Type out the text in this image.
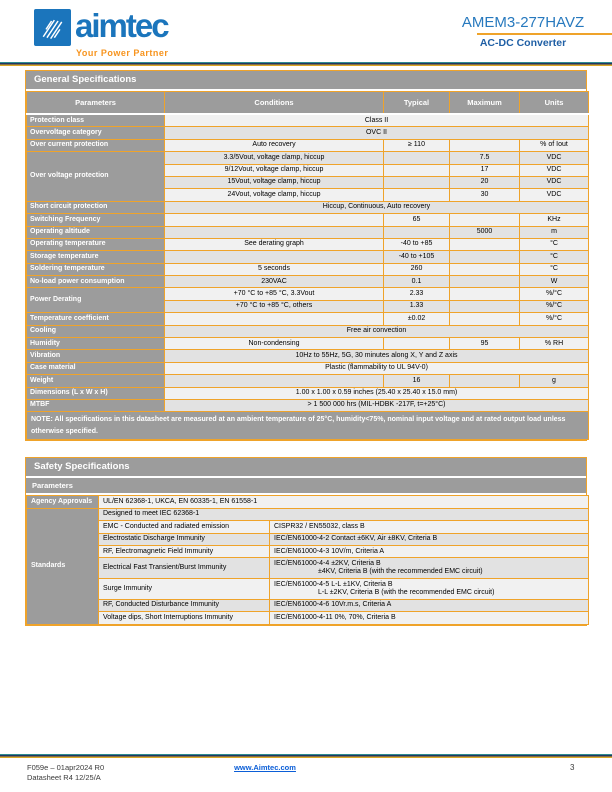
aimtec
Your Power Partner
AMEM3-277HAVZ
AC-DC Converter
General Specifications
Parameters	Conditions	Typical	Maximum	Units
Protection class	Class II			
Overvoltage category	OVC II			
Over current protection	Auto recovery	≥ 110		% of Iout
Over voltage protection	3.3/5Vout, voltage clamp, hiccup		7.5	VDC
	9/12Vout, voltage clamp, hiccup		17	VDC
	15Vout, voltage clamp, hiccup		20	VDC
	24Vout, voltage clamp, hiccup		30	VDC
Short circuit protection	Hiccup, Continuous, Auto recovery			
Switching Frequency		65		KHz
Operating altitude			5000	m
Operating temperature	See derating graph	-40 to +85		°C
Storage temperature		-40 to +105		°C
Soldering temperature	5 seconds	260		°C
No-load power consumption	230VAC	0.1		W
Power Derating	+70 °C to +85 °C, 3.3Vout	2.33		%/°C
	+70 °C to +85 °C, others	1.33		%/°C
Temperature coefficient		±0.02		%/°C
Cooling	Free air convection			
Humidity	Non-condensing		95	% RH
Vibration	10Hz to 55Hz, 5G, 30 minutes along X, Y and Z axis			
Case material	Plastic (flammability to UL 94V-0)			
Weight		16		g
Dimensions (L x W x H)	1.00 x 1.00 x 0.59 inches (25.40 x 25.40 x 15.0 mm)			
MTBF	> 1 500 000 hrs (MIL-HDBK -217F, t=+25°C)			
NOTE: All specifications in this datasheet are measured at an ambient temperature of 25°C, humidity<75%, nominal input voltage and at rated output load unless otherwise specified.				
Safety Specifications
Parameters
Agency Approvals	UL/EN 62368-1, UKCA, EN 60335-1, EN 61558-1	
Standards	Designed to meet IEC 62368-1	
	EMC - Conducted and radiated emission	CISPR32 / EN55032, class B
	Electrostatic Discharge Immunity	IEC/EN61000-4-2 Contact ±6KV, Air ±8KV, Criteria B
	RF, Electromagnetic Field Immunity	IEC/EN61000-4-3 10V/m, Criteria A
	Electrical Fast Transient/Burst Immunity	IEC/EN61000-4-4 ±2KV, Criteria B
±4KV, Criteria B (with the recommended EMC circuit)

	Surge Immunity	IEC/EN61000-4-5 L-L ±1KV, Criteria B
L-L ±2KV, Criteria B (with the recommended EMC circuit)

	RF, Conducted Disturbance Immunity	IEC/EN61000-4-6 10Vr.m.s, Criteria A
	Voltage dips, Short Interruptions Immunity	IEC/EN61000-4-11 0%, 70%, Criteria B
F059e – 01apr2024 R0
Datasheet R4 12/25/A
www.Aimtec.com	3
